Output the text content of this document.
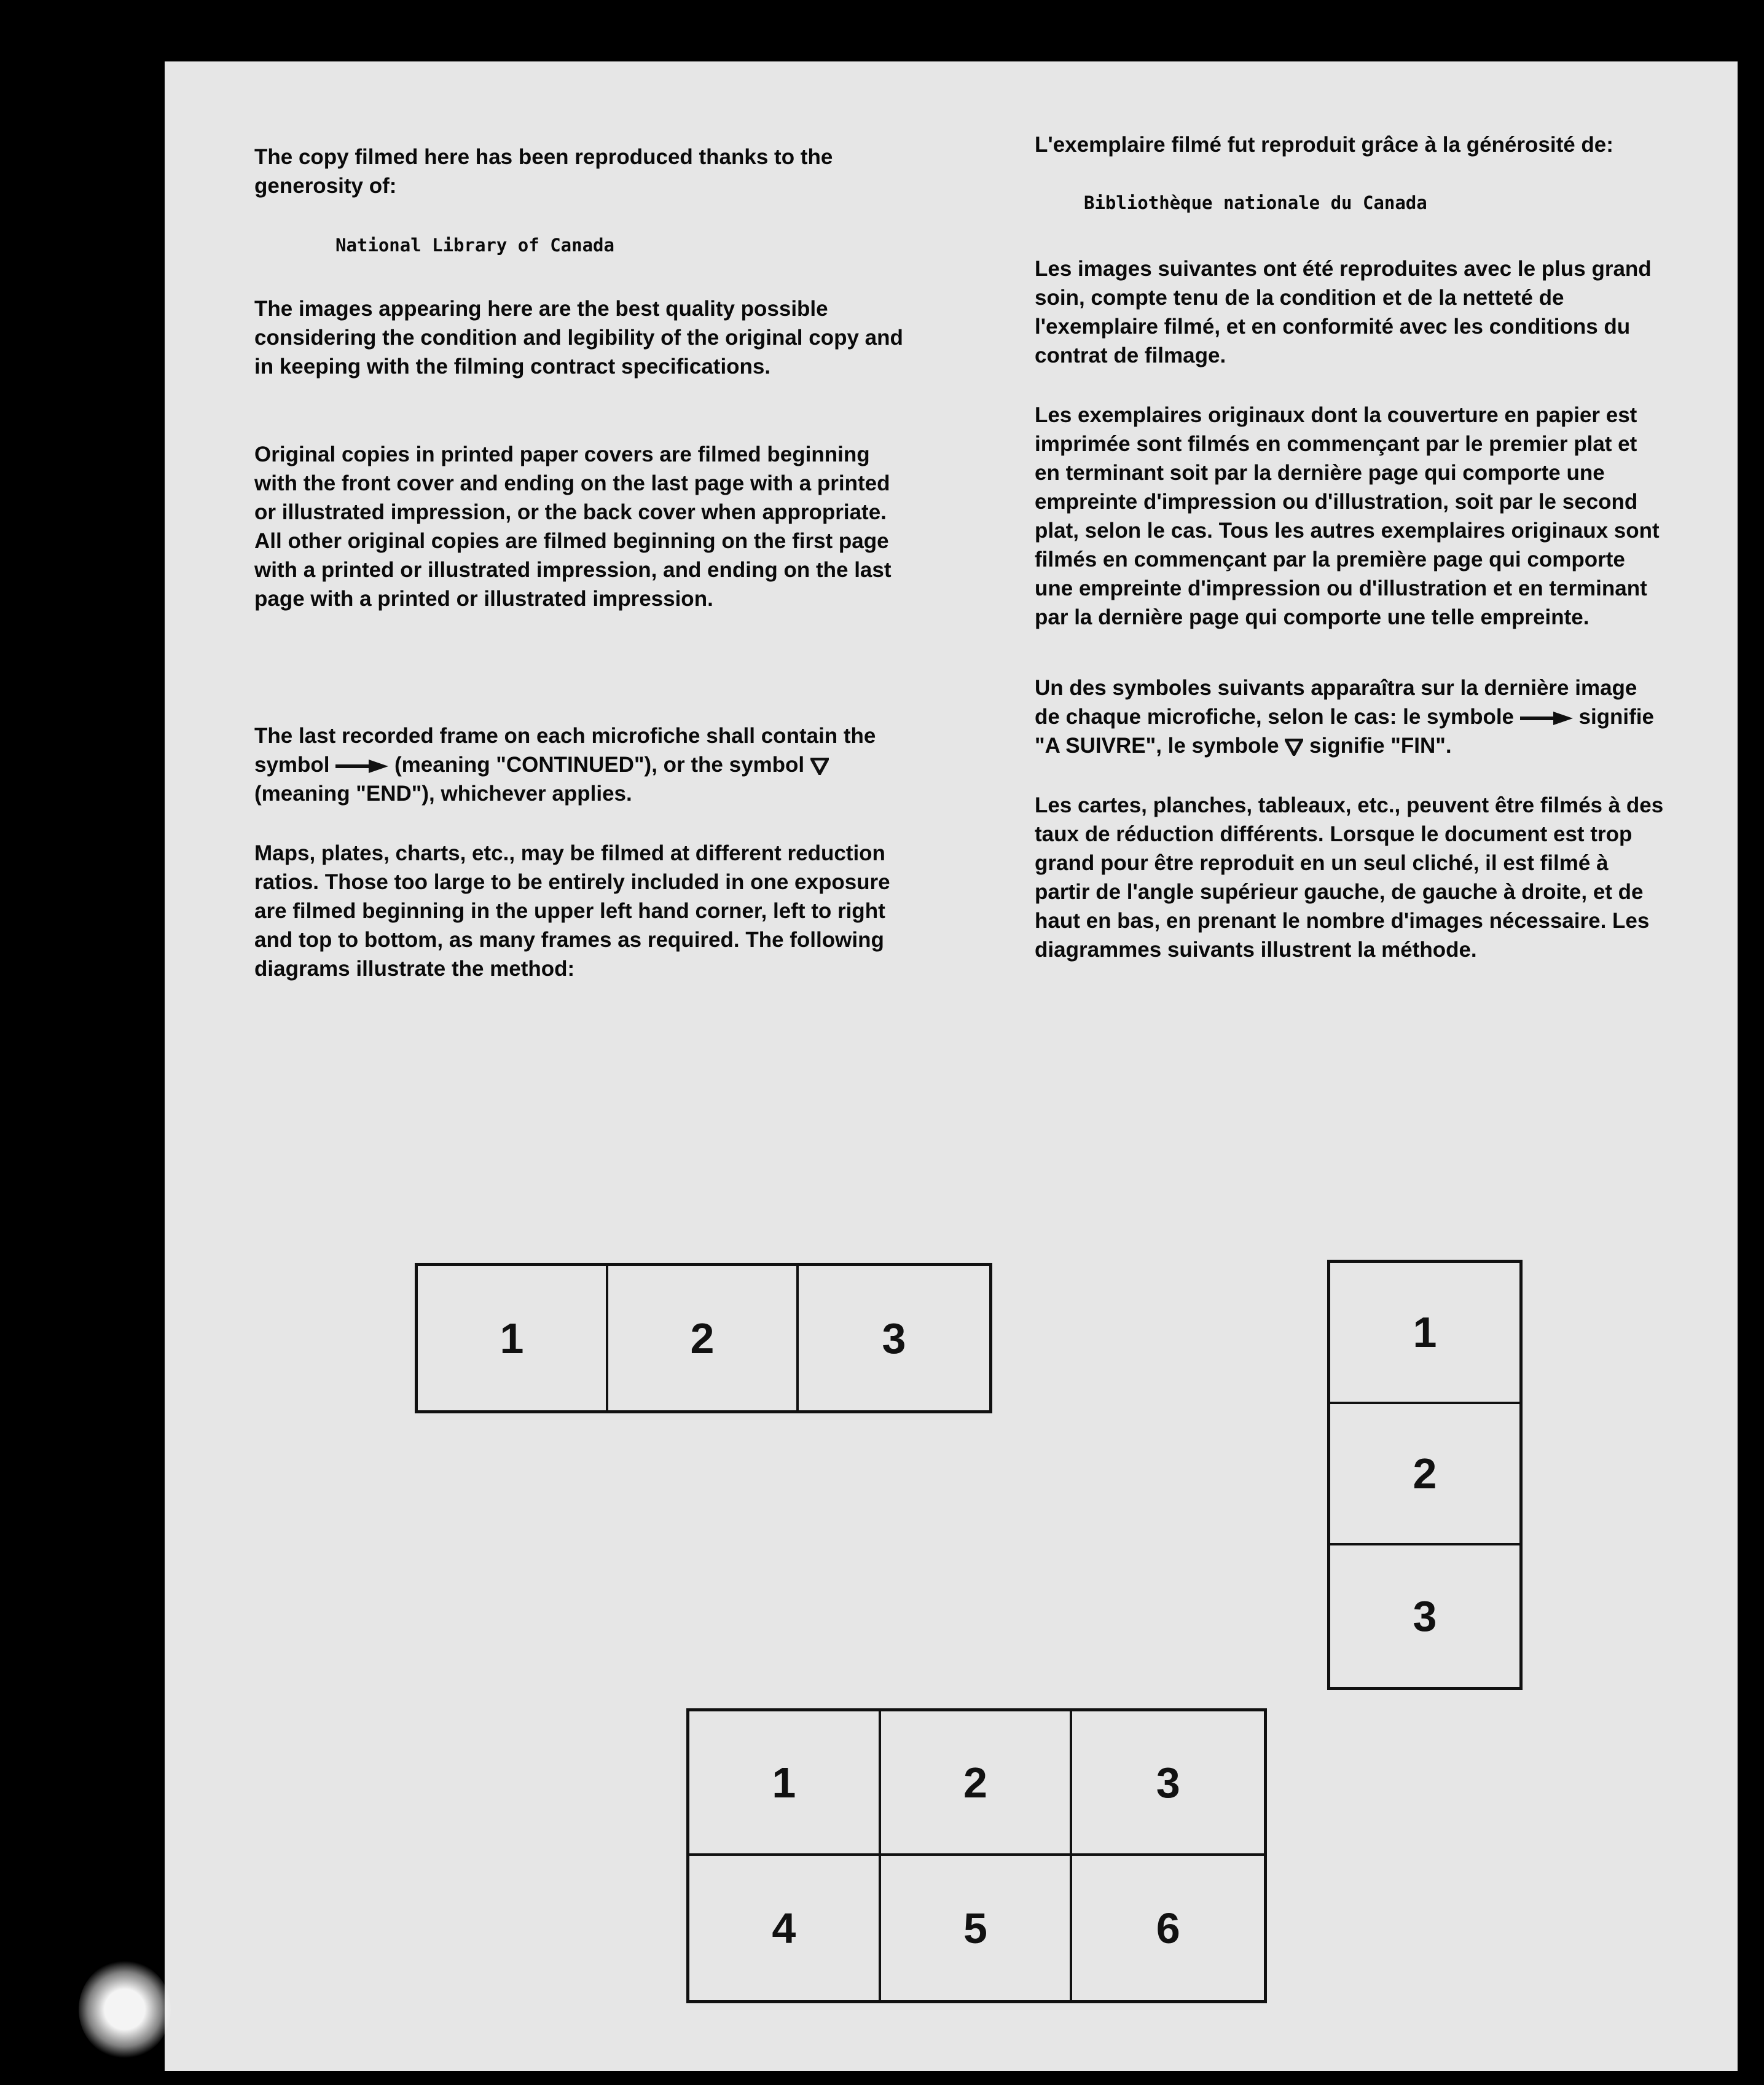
The copy filmed here has been reproduced thanks to the generosity of:

National Library of Canada

The images appearing here are the best quality possible considering the condition and legibility of the original copy and in keeping with the filming contract specifications.

Original copies in printed paper covers are filmed beginning with the front cover and ending on the last page with a printed or illustrated impression, or the back cover when appropriate. All other original copies are filmed beginning on the first page with a printed or illustrated impression, and ending on the last page with a printed or illustrated impression.

The last recorded frame on each microfiche shall contain the symbol	(meaning "CONTINUED"), or the symbol  (meaning "END"), whichever applies.

Maps, plates, charts, etc., may be filmed at different reduction ratios. Those too large to be entirely included in one exposure are filmed beginning in the upper left hand corner, left to right and top to bottom, as many frames as required. The following diagrams illustrate the method:

L'exemplaire filmé fut reproduit grâce à la générosité de:

Bibliothèque nationale du Canada

Les images suivantes ont été reproduites avec le plus grand soin, compte tenu de la condition et de la netteté de l'exemplaire filmé, et en conformité avec les conditions du contrat de filmage.

Les exemplaires originaux dont la couverture en papier est imprimée sont filmés en commençant par le premier plat et en terminant soit par la dernière page qui comporte une empreinte d'impression ou d'illustration, soit par le second plat, selon le cas. Tous les autres exemplaires originaux sont filmés en commençant par la première page qui comporte une empreinte d'impression ou d'illustration et en terminant par la dernière page qui comporte une telle empreinte.

Un des symboles suivants apparaîtra sur la dernière image de chaque microfiche, selon le cas: le symbole	signifie "A SUIVRE", le symbole signifie "FIN".

Les cartes, planches, tableaux, etc., peuvent être filmés à des taux de réduction différents. Lorsque le document est trop grand pour être reproduit en un seul cliché, il est filmé à partir de l'angle supérieur gauche, de gauche à droite, et de haut en bas, en prenant le nombre d'images nécessaire. Les diagrammes suivants illustrent la méthode.

1	2	3	1
2
3
1	2	3
4	5	6
